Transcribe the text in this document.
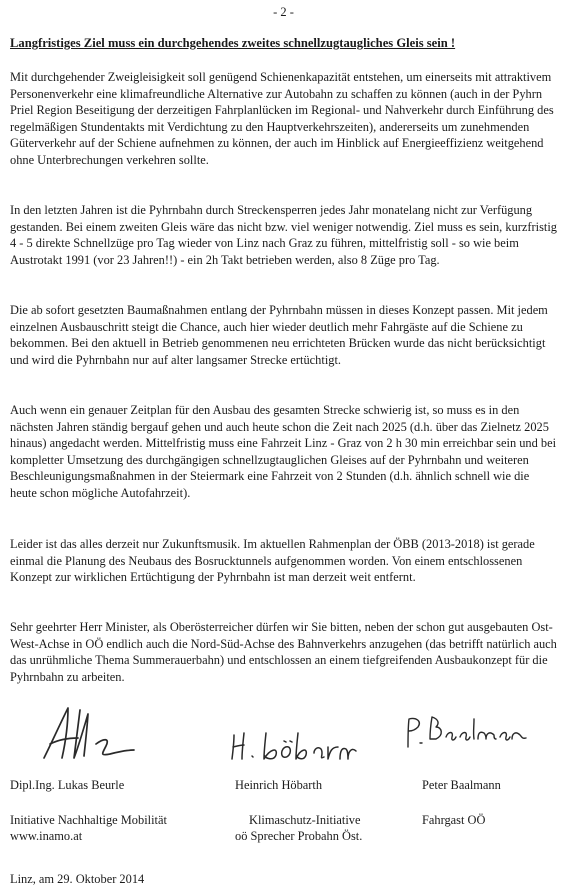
- 2 -
Langfristiges Ziel muss ein durchgehendes zweites schnellzugtaugliches Gleis sein !

Mit durchgehender Zweigleisigkeit soll genügend Schienenkapazität entstehen, um einerseits mit attraktivem Personenverkehr eine klimafreundliche Alternative zur Autobahn zu schaffen zu können (auch in der Pyhrn Priel Region Beseitigung der derzeitigen Fahrplanlücken im Regional- und Nahverkehr durch Einführung des regelmäßigen Stundentakts mit Verdichtung zu den Hauptverkehrszeiten), andererseits um zunehmenden Güterverkehr auf der Schiene aufnehmen zu können, der auch im Hinblick auf Energieeffizienz weitgehend ohne Unterbrechungen verkehren sollte.

In den letzten Jahren ist die Pyhrnbahn durch Streckensperren jedes Jahr monatelang nicht zur Verfügung gestanden. Bei einem zweiten Gleis wäre das nicht bzw. viel weniger notwendig. Ziel muss es sein, kurzfristig 4 - 5 direkte Schnellzüge pro Tag wieder von Linz nach Graz zu führen, mittelfristig soll - so wie beim Austrotakt 1991 (vor 23 Jahren!!) - ein 2h Takt betrieben werden, also 8 Züge pro Tag.

Die ab sofort gesetzten Baumaßnahmen entlang der Pyhrnbahn müssen in dieses Konzept passen. Mit jedem einzelnen Ausbauschritt steigt die Chance, auch hier wieder deutlich mehr Fahrgäste auf die Schiene zu bekommen. Bei den aktuell in Betrieb genommenen neu errichteten Brücken wurde das nicht berücksichtigt und wird die Pyhrnbahn nur auf alter langsamer Strecke ertüchtigt.

Auch wenn ein genauer Zeitplan für den Ausbau des gesamten Strecke schwierig ist, so muss es in den nächsten Jahren ständig bergauf gehen und auch heute schon die Zeit nach 2025 (d.h. über das Zielnetz 2025 hinaus) angedacht werden. Mittelfristig muss eine Fahrzeit Linz - Graz von 2 h 30 min erreichbar sein und bei kompletter Umsetzung des durchgängigen schnellzugtauglichen Gleises auf der Pyhrnbahn und weiteren Beschleunigungsmaßnahmen in der Steiermark eine Fahrzeit von 2 Stunden (d.h. ähnlich schnell wie die heute schon mögliche Autofahrzeit).

Leider ist das alles derzeit nur Zukunftsmusik. Im aktuellen Rahmenplan der ÖBB (2013-2018) ist gerade einmal die Planung des Neubaus des Bosrucktunnels aufgenommen worden. Von einem entschlossenen Konzept zur wirklichen Ertüchtigung der Pyhrnbahn ist man derzeit weit entfernt.

Sehr geehrter Herr Minister, als Oberösterreicher dürfen wir Sie bitten, neben der schon gut ausgebauten Ost-West-Achse in OÖ endlich auch die Nord-Süd-Achse des Bahnverkehrs anzugehen (das betrifft natürlich auch das unrühmliche Thema Summerauerbahn) und entschlossen an einem tiefgreifenden Ausbaukonzept für die Pyhrnbahn zu arbeiten.

Dipl.Ing. Lukas Beurle
Initiative Nachhaltige Mobilität
www.inamo.at
Heinrich Höbarth
Klimaschutz-Initiative
oö Sprecher Probahn Öst.
Peter Baalmann
Fahrgast OÖ
Linz, am 29. Oktober 2014
